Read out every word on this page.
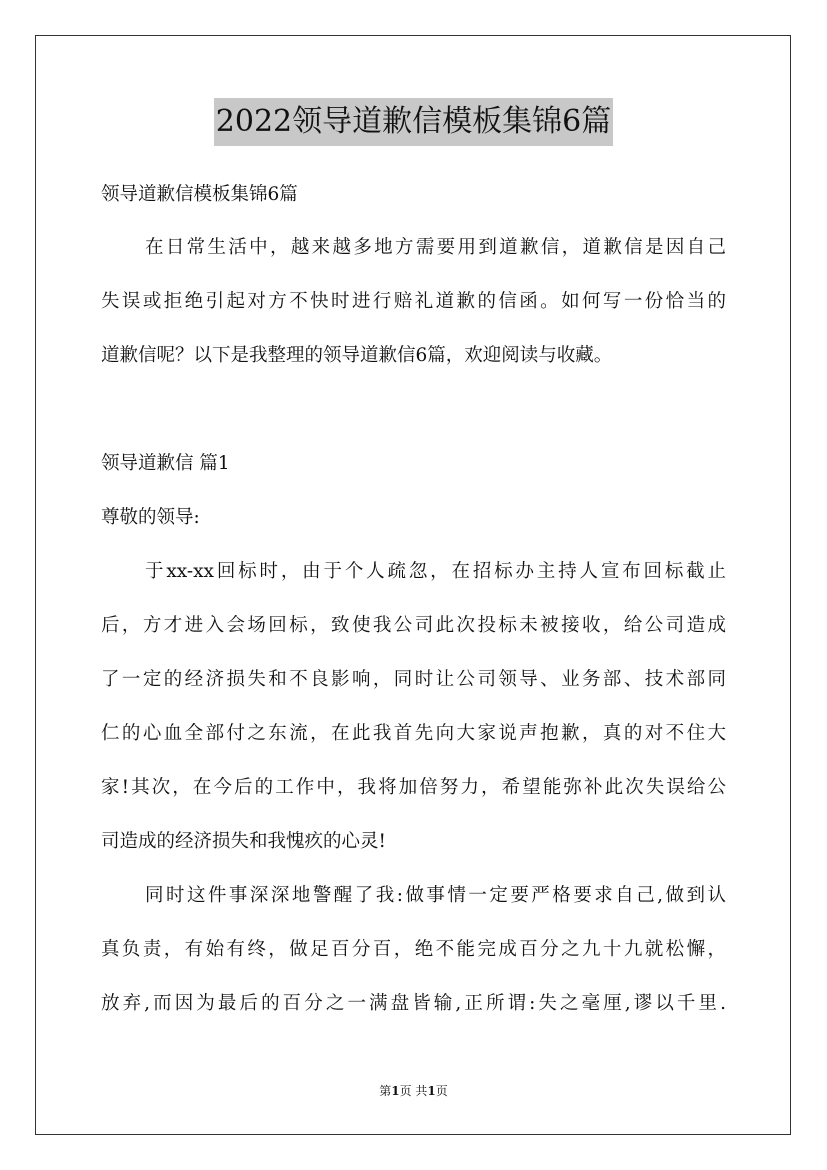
2022领导道歉信模板集锦6篇
领导道歉信模板集锦6篇
在日常生活中，越来越多地方需要用到道歉信，道歉信是因自己
失误或拒绝引起对方不快时进行赔礼道歉的信函。如何写一份恰当的
道歉信呢？以下是我整理的领导道歉信6篇，欢迎阅读与收藏。
领导道歉信 篇1
尊敬的领导:
于xx-xx回标时，由于个人疏忽，在招标办主持人宣布回标截止
后，方才进入会场回标，致使我公司此次投标未被接收，给公司造成
了一定的经济损失和不良影响，同时让公司领导、业务部、技术部同
仁的心血全部付之东流，在此我首先向大家说声抱歉，真的对不住大
家!其次，在今后的工作中，我将加倍努力，希望能弥补此次失误给公
司造成的经济损失和我愧疚的心灵!
同时这件事深深地警醒了我:做事情一定要严格要求自己,做到认
真负责，有始有终，做足百分百，绝不能完成百分之九十九就松懈，
放弃,而因为最后的百分之一满盘皆输,正所谓:失之毫厘,谬以千里.
第1页 共1页
